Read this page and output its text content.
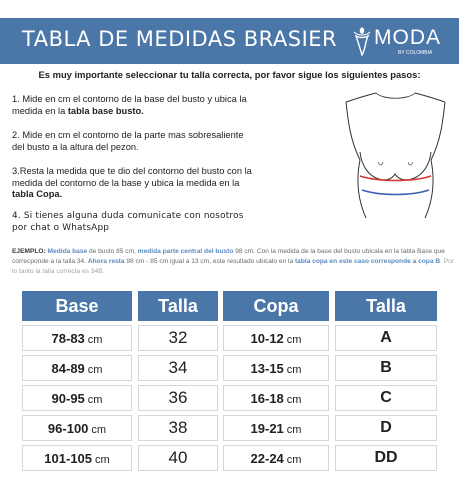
TABLA DE MEDIDAS BRASIER MODA
BY COLOMBIA
Es muy importante seleccionar tu talla correcta, por favor sigue los siguientes pasos:
1. Mide en cm el contorno de la base del busto y ubica la
medida en la tabla base busto.
2. Mide en cm el contorno de la parte mas sobresaliente
del busto a la altura del pezon.
3.Resta la medida que te dio del contorno del busto con la
medida del contorno de la base y ubica la medida en la
tabla Copa.
4. Si tienes alguna duda comunicate con nosotros
por chat o WhatsApp
EJEMPLO: Medida base de busto 85 cm, medida parte central del busto 98 cm. Con la medida de la base del busto ubicala en la tabla Base que correcponde a la talla 34. Ahora resta 98 cm - 85 cm igual a 13 cm, este resultado ubicalo en la tabla copa en este caso corresponde a copa B. Por lo tanto la talla correcta es 34B.
Base		Talla
78-83 cm		32
84-89 cm		34
90-95 cm		36
96-100 cm		38
101-105 cm		40
Copa		Talla
10-12 cm		A
13-15 cm		B
16-18 cm		C
19-21 cm		D
22-24 cm		DD
